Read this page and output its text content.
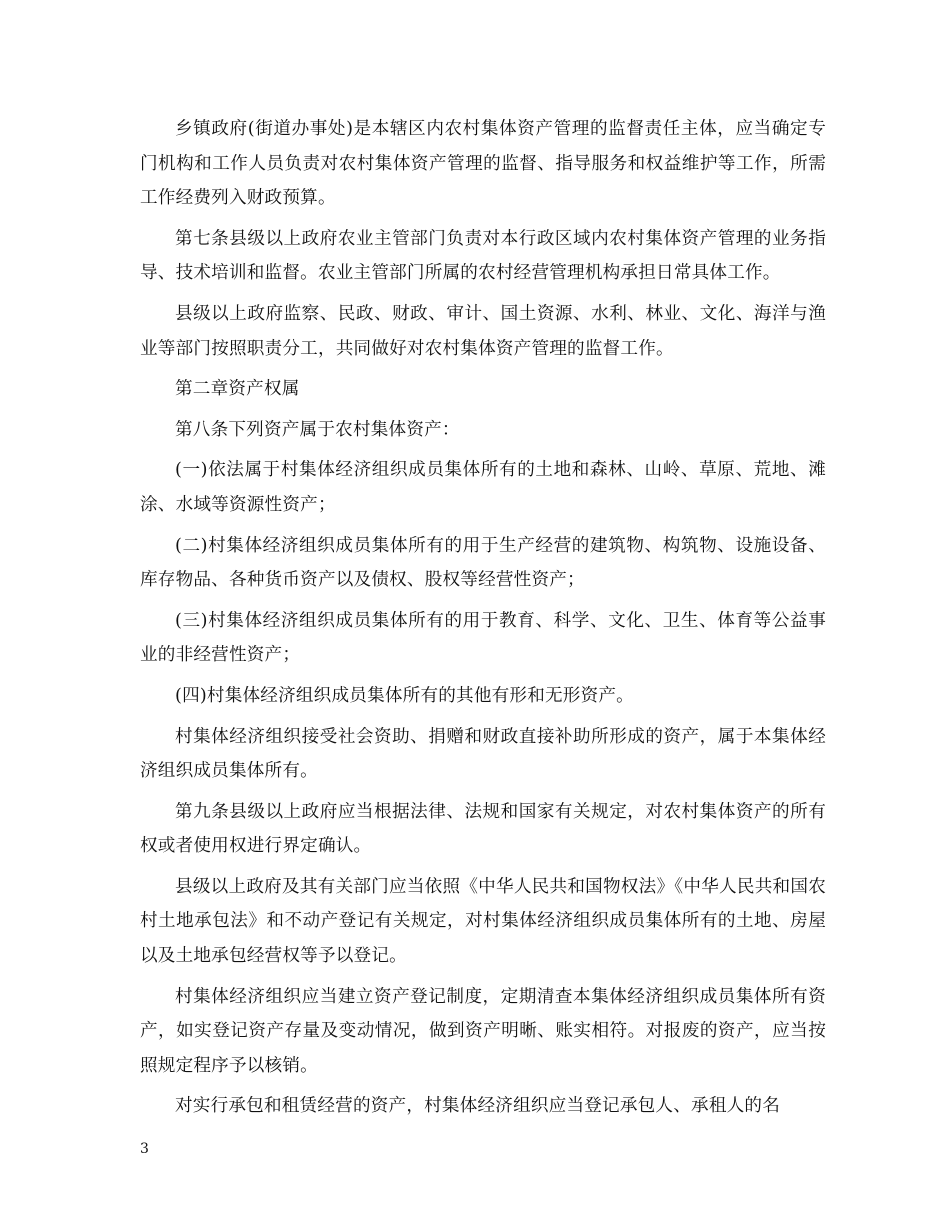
乡镇政府(街道办事处)是本辖区内农村集体资产管理的监督责任主体，应当确定专门机构和工作人员负责对农村集体资产管理的监督、指导服务和权益维护等工作，所需工作经费列入财政预算。

第七条县级以上政府农业主管部门负责对本行政区域内农村集体资产管理的业务指导、技术培训和监督。农业主管部门所属的农村经营管理机构承担日常具体工作。

县级以上政府监察、民政、财政、审计、国土资源、水利、林业、文化、海洋与渔业等部门按照职责分工，共同做好对农村集体资产管理的监督工作。

第二章资产权属

第八条下列资产属于农村集体资产：

(一)依法属于村集体经济组织成员集体所有的土地和森林、山岭、草原、荒地、滩涂、水域等资源性资产；

(二)村集体经济组织成员集体所有的用于生产经营的建筑物、构筑物、设施设备、库存物品、各种货币资产以及债权、股权等经营性资产；

(三)村集体经济组织成员集体所有的用于教育、科学、文化、卫生、体育等公益事业的非经营性资产；

(四)村集体经济组织成员集体所有的其他有形和无形资产。

村集体经济组织接受社会资助、捐赠和财政直接补助所形成的资产，属于本集体经济组织成员集体所有。

第九条县级以上政府应当根据法律、法规和国家有关规定，对农村集体资产的所有权或者使用权进行界定确认。

县级以上政府及其有关部门应当依照《中华人民共和国物权法》《中华人民共和国农村土地承包法》和不动产登记有关规定，对村集体经济组织成员集体所有的土地、房屋以及土地承包经营权等予以登记。

村集体经济组织应当建立资产登记制度，定期清查本集体经济组织成员集体所有资产，如实登记资产存量及变动情况，做到资产明晰、账实相符。对报废的资产，应当按照规定程序予以核销。

对实行承包和租赁经营的资产，村集体经济组织应当登记承包人、承租人的名

3
